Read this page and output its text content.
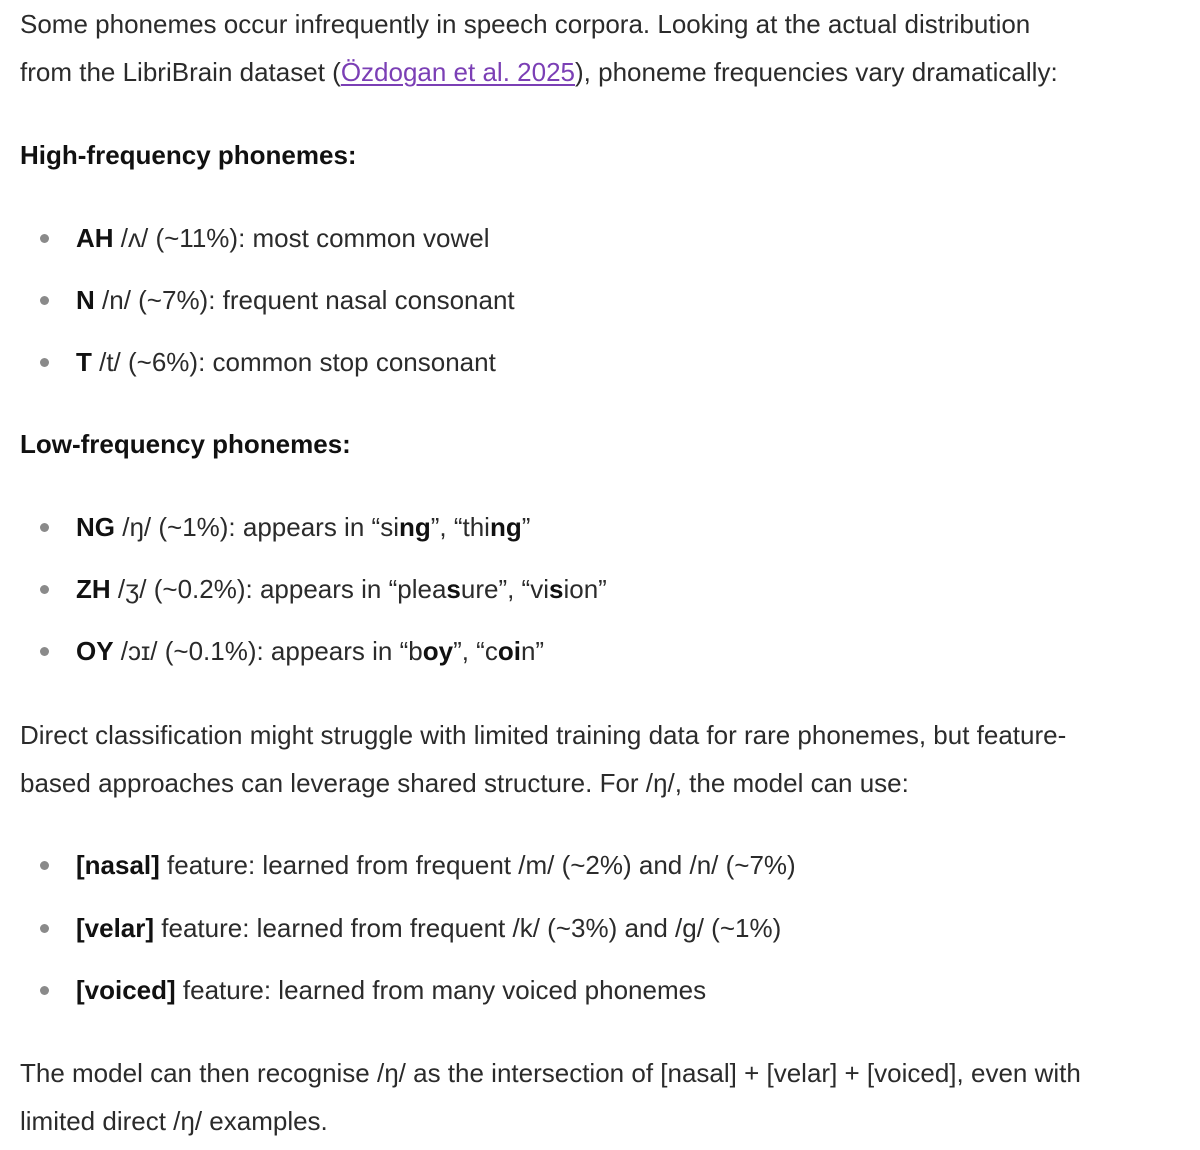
Some phonemes occur infrequently in speech corpora. Looking at the actual distribution
from the LibriBrain dataset (Özdogan et al. 2025), phoneme frequencies vary dramatically:

High-frequency phonemes:
AH /ʌ/ (~11%): most common vowel
N /n/ (~7%): frequent nasal consonant
T /t/ (~6%): common stop consonant
Low-frequency phonemes:
NG /ŋ/ (~1%): appears in “sing”, “thing”
ZH /ʒ/ (~0.2%): appears in “pleasure”, “vision”
OY /ɔɪ/ (~0.1%): appears in “boy”, “coin”

Direct classification might struggle with limited training data for rare phonemes, but feature-
based approaches can leverage shared structure. For /ŋ/, the model can use:

[nasal] feature: learned from frequent /m/ (~2%) and /n/ (~7%)
[velar] feature: learned from frequent /k/ (~3%) and /g/ (~1%)
[voiced] feature: learned from many voiced phonemes

The model can then recognise /ŋ/ as the intersection of [nasal] + [velar] + [voiced], even with
limited direct /ŋ/ examples.
